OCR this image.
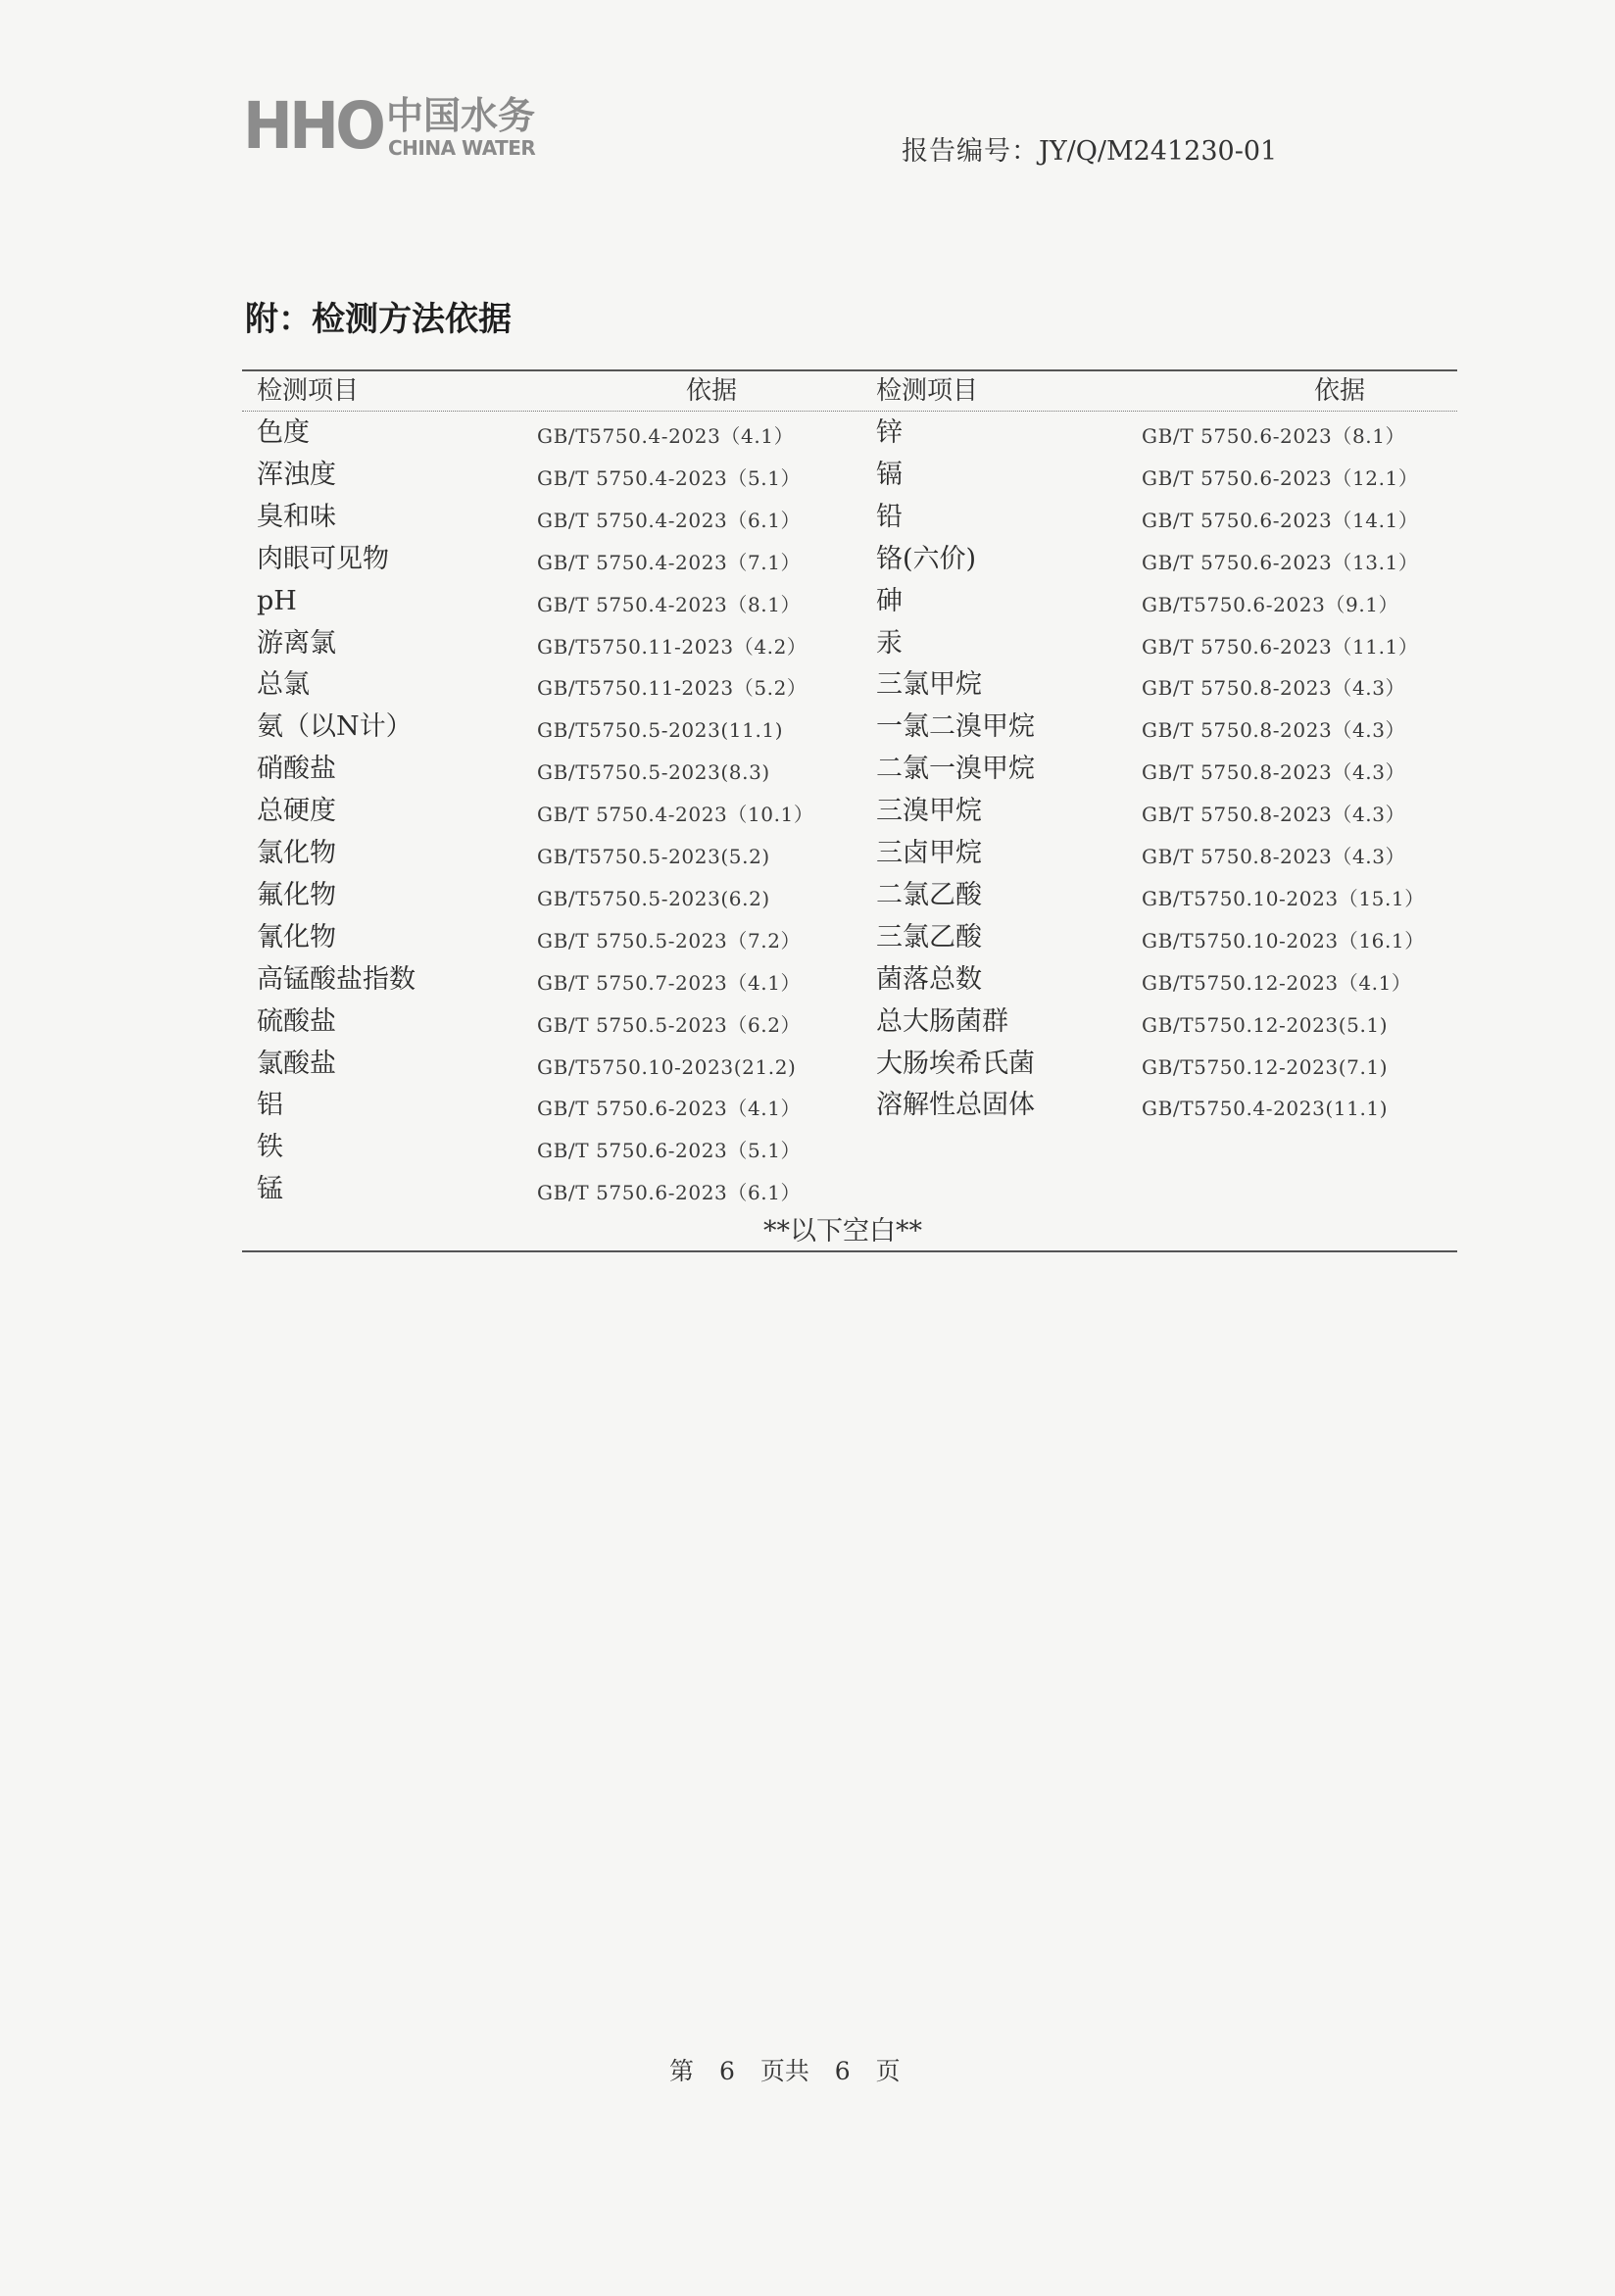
HHO 中国水务
CHINA WATER	报告编号：JY/Q/M241230-01
附：检测方法依据
检测项目	依据	检测项目	依据
色度	GB/T5750.4-2023（4.1）	锌	GB/T 5750.6-2023（8.1）
浑浊度	GB/T 5750.4-2023（5.1）	镉	GB/T 5750.6-2023（12.1）
臭和味	GB/T 5750.4-2023（6.1）	铅	GB/T 5750.6-2023（14.1）
肉眼可见物	GB/T 5750.4-2023（7.1）	铬(六价)	GB/T 5750.6-2023（13.1）
pH	GB/T 5750.4-2023（8.1）	砷	GB/T5750.6-2023（9.1）
游离氯	GB/T5750.11-2023（4.2）	汞	GB/T 5750.6-2023（11.1）
总氯	GB/T5750.11-2023（5.2）	三氯甲烷	GB/T 5750.8-2023（4.3）
氨（以N计）	GB/T5750.5-2023(11.1)	一氯二溴甲烷	GB/T 5750.8-2023（4.3）
硝酸盐	GB/T5750.5-2023(8.3)	二氯一溴甲烷	GB/T 5750.8-2023（4.3）
总硬度	GB/T 5750.4-2023（10.1） 三溴甲烷	GB/T 5750.8-2023（4.3）
氯化物	GB/T5750.5-2023(5.2)	三卤甲烷	GB/T 5750.8-2023（4.3）
氟化物	GB/T5750.5-2023(6.2)	二氯乙酸	GB/T5750.10-2023（15.1）
氰化物	GB/T 5750.5-2023（7.2）	三氯乙酸	GB/T5750.10-2023（16.1）
高锰酸盐指数	GB/T 5750.7-2023（4.1）	菌落总数	GB/T5750.12-2023（4.1）
硫酸盐	GB/T 5750.5-2023（6.2）	总大肠菌群	GB/T5750.12-2023(5.1)
氯酸盐	GB/T5750.10-2023(21.2)	大肠埃希氏菌	GB/T5750.12-2023(7.1)
铝	GB/T 5750.6-2023（4.1）	溶解性总固体	GB/T5750.4-2023(11.1)
铁	GB/T 5750.6-2023（5.1）
锰	GB/T 5750.6-2023（6.1）
**以下空白**
第 6 页共 6 页
